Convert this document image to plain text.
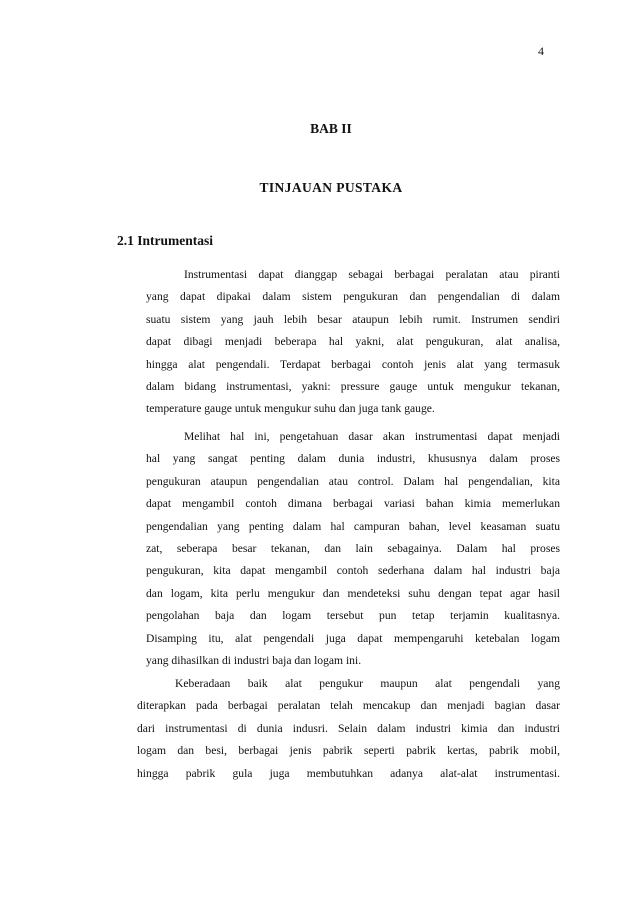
4
BAB II
TINJAUAN PUSTAKA
2.1 Intrumentasi
Instrumentasi dapat dianggap sebagai berbagai peralatan atau piranti
yang dapat dipakai dalam sistem pengukuran dan pengendalian di dalam
suatu sistem yang jauh lebih besar ataupun lebih rumit. Instrumen sendiri
dapat dibagi menjadi beberapa hal yakni, alat pengukuran, alat analisa,
hingga alat pengendali. Terdapat berbagai contoh jenis alat yang termasuk
dalam bidang instrumentasi, yakni: pressure gauge untuk mengukur tekanan,
temperature gauge untuk mengukur suhu dan juga tank gauge.
Melihat hal ini, pengetahuan dasar akan instrumentasi dapat menjadi
hal yang sangat penting dalam dunia industri, khususnya dalam proses
pengukuran ataupun pengendalian atau control. Dalam hal pengendalian, kita
dapat mengambil contoh dimana berbagai variasi bahan kimia memerlukan
pengendalian yang penting dalam hal campuran bahan, level keasaman suatu
zat, seberapa besar tekanan, dan lain sebagainya. Dalam hal proses
pengukuran, kita dapat mengambil contoh sederhana dalam hal industri baja
dan logam, kita perlu mengukur dan mendeteksi suhu dengan tepat agar hasil
pengolahan baja dan logam tersebut pun tetap terjamin kualitasnya.
Disamping itu, alat pengendali juga dapat mempengaruhi ketebalan logam
yang dihasilkan di industri baja dan logam ini.
Keberadaan baik alat pengukur maupun alat pengendali yang
diterapkan pada berbagai peralatan telah mencakup dan menjadi bagian dasar
dari instrumentasi di dunia indusri. Selain dalam industri kimia dan industri
logam dan besi, berbagai jenis pabrik seperti pabrik kertas, pabrik mobil,
hingga pabrik gula juga membutuhkan adanya alat-alat instrumentasi.
